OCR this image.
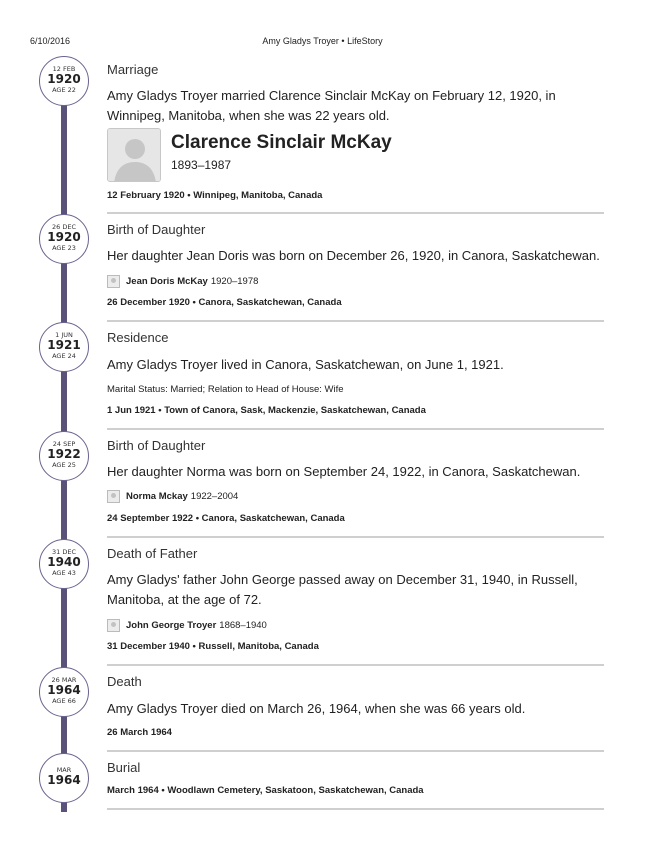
6/10/2016	Amy Gladys Troyer • LifeStory
12 FEB
1920
AGE 22

Marriage

Amy Gladys Troyer married Clarence Sinclair McKay on February 12, 1920, in Winnipeg, Manitoba, when she was 22 years old.

Clarence Sinclair McKay
1893–1987
12 February 1920 • Winnipeg, Manitoba, Canada
26 DEC
1920
AGE 23

Birth of Daughter

Her daughter Jean Doris was born on December 26, 1920, in Canora, Saskatchewan.

Jean Doris McKay 1920–1978
26 December 1920 • Canora, Saskatchewan, Canada
1 JUN
1921
AGE 24

Residence

Amy Gladys Troyer lived in Canora, Saskatchewan, on June 1, 1921.

Marital Status: Married; Relation to Head of House: Wife
1 Jun 1921 • Town of Canora, Sask, Mackenzie, Saskatchewan, Canada
24 SEP
1922
AGE 25

Birth of Daughter

Her daughter Norma was born on September 24, 1922, in Canora, Saskatchewan.

Norma Mckay 1922–2004
24 September 1922 • Canora, Saskatchewan, Canada
31 DEC
1940
AGE 43

Death of Father

Amy Gladys' father John George passed away on December 31, 1940, in Russell, Manitoba, at the age of 72.

John George Troyer 1868–1940
31 December 1940 • Russell, Manitoba, Canada
26 MAR
1964
AGE 66

Death

Amy Gladys Troyer died on March 26, 1964, when she was 66 years old.

26 March 1964
MAR
1964

Burial

March 1964 • Woodlawn Cemetery, Saskatoon, Saskatchewan, Canada
